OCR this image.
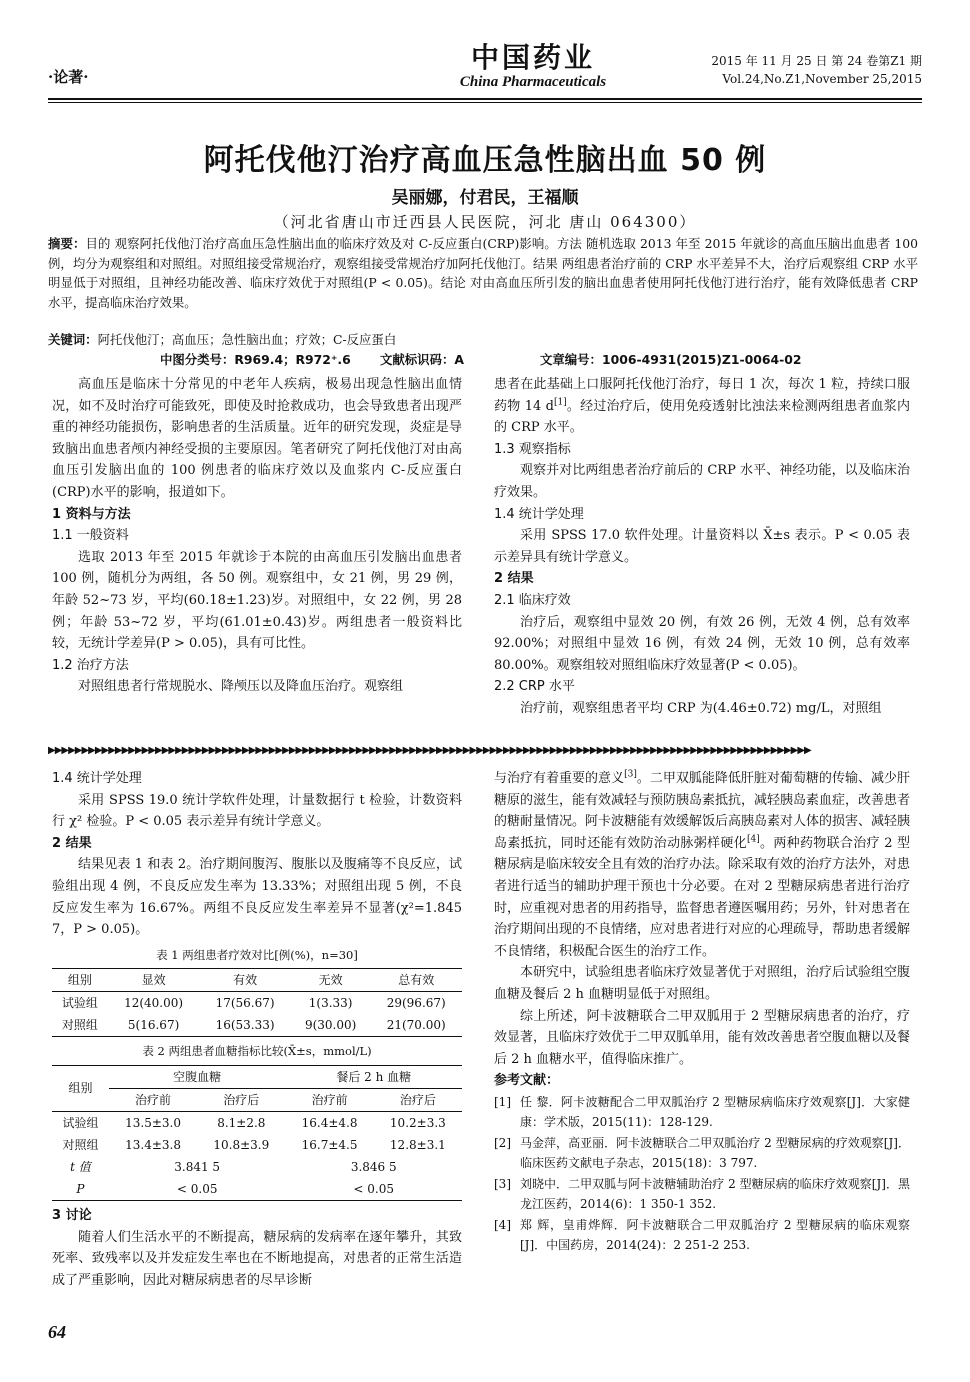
·论著·
中国药业
China Pharmaceuticals
2015 年 11 月 25 日 第 24 卷第Z1 期
Vol.24,No.Z1,November 25,2015
阿托伐他汀治疗高血压急性脑出血 50 例
吴丽娜，付君民，王福顺
（河北省唐山市迁西县人民医院，河北 唐山 064300）
摘要：目的 观察阿托伐他汀治疗高血压急性脑出血的临床疗效及对 C-反应蛋白(CRP)影响。方法 随机选取 2013 年至 2015 年就诊的高血压脑出血患者 100 例，均分为观察组和对照组。对照组接受常规治疗，观察组接受常规治疗加阿托伐他汀。结果 两组患者治疗前的 CRP 水平差异不大，治疗后观察组 CRP 水平明显低于对照组，且神经功能改善、临床疗效优于对照组(P < 0.05)。结论 对由高血压所引发的脑出血患者使用阿托伐他汀进行治疗，能有效降低患者 CRP 水平，提高临床治疗效果。
关键词：阿托伐他汀；高血压；急性脑出血；疗效；C-反应蛋白
中图分类号：R969.4；R972⁺.6 文献标识码：A	文章编号：1006-4931(2015)Z1-0064-02

高血压是临床十分常见的中老年人疾病，极易出现急性脑出血情况，如不及时治疗可能致死，即使及时抢救成功，也会导致患者出现严重的神经功能损伤，影响患者的生活质量。近年的研究发现，炎症是导致脑出血患者颅内神经受损的主要原因。笔者研究了阿托伐他汀对由高血压引发脑出血的 100 例患者的临床疗效以及血浆内 C-反应蛋白(CRP)水平的影响，报道如下。

1 资料与方法
1.1 一般资料

选取 2013 年至 2015 年就诊于本院的由高血压引发脑出血患者 100 例，随机分为两组，各 50 例。观察组中，女 21 例，男 29 例，年龄 52~73 岁，平均(60.18±1.23)岁。对照组中，女 22 例，男 28 例；年龄 53~72 岁，平均(61.01±0.43)岁。两组患者一般资料比较，无统计学差异(P > 0.05)，具有可比性。

1.2 治疗方法

对照组患者行常规脱水、降颅压以及降血压治疗。观察组

患者在此基础上口服阿托伐他汀治疗，每日 1 次，每次 1 粒，持续口服药物 14 d[1]。经过治疗后，使用免疫透射比浊法来检测两组患者血浆内的 CRP 水平。

1.3 观察指标

观察并对比两组患者治疗前后的 CRP 水平、神经功能，以及临床治疗效果。

1.4 统计学处理

采用 SPSS 17.0 软件处理。计量资料以 X̄±s 表示。P < 0.05 表示差异具有统计学意义。

2 结果
2.1 临床疗效

治疗后，观察组中显效 20 例，有效 26 例，无效 4 例，总有效率 92.00%；对照组中显效 16 例，有效 24 例，无效 10 例，总有效率 80.00%。观察组较对照组临床疗效显著(P < 0.05)。

2.2 CRP 水平

治疗前，观察组患者平均 CRP 为(4.46±0.72) mg/L，对照组

▶▶▶▶▶▶▶▶▶▶▶▶▶▶▶▶▶▶▶▶▶▶▶▶▶▶▶▶▶▶▶▶▶▶▶▶▶▶▶▶▶▶▶▶▶▶▶▶▶▶▶▶▶▶▶▶▶▶▶▶▶▶▶▶▶▶▶▶▶▶▶▶▶▶▶▶▶▶▶▶▶▶▶▶▶▶▶▶▶▶▶▶▶▶▶▶▶▶▶▶▶▶▶▶▶▶▶▶▶▶▶▶▶▶
1.4 统计学处理

采用 SPSS 19.0 统计学软件处理，计量数据行 t 检验，计数资料行 χ² 检验。P < 0.05 表示差异有统计学意义。

2 结果

结果见表 1 和表 2。治疗期间腹泻、腹胀以及腹痛等不良反应，试验组出现 4 例，不良反应发生率为 13.33%；对照组出现 5 例，不良反应发生率为 16.67%。两组不良反应发生率差异不显著(χ²=1.845 7，P > 0.05)。

表 1 两组患者疗效对比[例(%)，n=30]
组别	显效	有效	无效	总有效
试验组	12(40.00)	17(56.67)	1(3.33)	29(96.67)
对照组	5(16.67)	16(53.33)	9(30.00)	21(70.00)
表 2 两组患者血糖指标比较(X̄±s，mmol/L)
组别	空腹血糖		餐后 2 h 血糖	
	治疗前	治疗后	治疗前	治疗后
试验组	13.5±3.0	8.1±2.8	16.4±4.8	10.2±3.3
对照组	13.4±3.8	10.8±3.9	16.7±4.5	12.8±3.1
t 值	3.841 5		3.846 5	
P	< 0.05		< 0.05	
3 讨论

随着人们生活水平的不断提高，糖尿病的发病率在逐年攀升，其致死率、致残率以及并发症发生率也在不断地提高，对患者的正常生活造成了严重影响，因此对糖尿病患者的尽早诊断

与治疗有着重要的意义[3]。二甲双胍能降低肝脏对葡萄糖的传输、减少肝糖原的滋生，能有效减轻与预防胰岛素抵抗，减轻胰岛素血症，改善患者的糖耐量情况。阿卡波糖能有效缓解饭后高胰岛素对人体的损害、减轻胰岛素抵抗，同时还能有效防治动脉粥样硬化[4]。两种药物联合治疗 2 型糖尿病是临床较安全且有效的治疗办法。除采取有效的治疗方法外，对患者进行适当的辅助护理干预也十分必要。在对 2 型糖尿病患者进行治疗时，应重视对患者的用药指导，监督患者遵医嘱用药；另外，针对患者在治疗期间出现的不良情绪，应对患者进行对应的心理疏导，帮助患者缓解不良情绪，积极配合医生的治疗工作。

本研究中，试验组患者临床疗效显著优于对照组，治疗后试验组空腹血糖及餐后 2 h 血糖明显低于对照组。

综上所述，阿卡波糖联合二甲双胍用于 2 型糖尿病患者的治疗，疗效显著，且临床疗效优于二甲双胍单用，能有效改善患者空腹血糖以及餐后 2 h 血糖水平，值得临床推广。

参考文献：

[1] 任 黎．阿卡波糖配合二甲双胍治疗 2 型糖尿病临床疗效观察[J]．大家健康：学术版，2015(11)：128-129.

[2] 马金萍，高亚丽．阿卡波糖联合二甲双胍治疗 2 型糖尿病的疗效观察[J]．临床医药文献电子杂志，2015(18)：3 797.

[3] 刘晓中．二甲双胍与阿卡波糖辅助治疗 2 型糖尿病的临床疗效观察[J]．黑龙江医药，2014(6)：1 350-1 352.

[4] 郑 辉，皇甫烨辉．阿卡波糖联合二甲双胍治疗 2 型糖尿病的临床观察[J]．中国药房，2014(24)：2 251-2 253.

64
